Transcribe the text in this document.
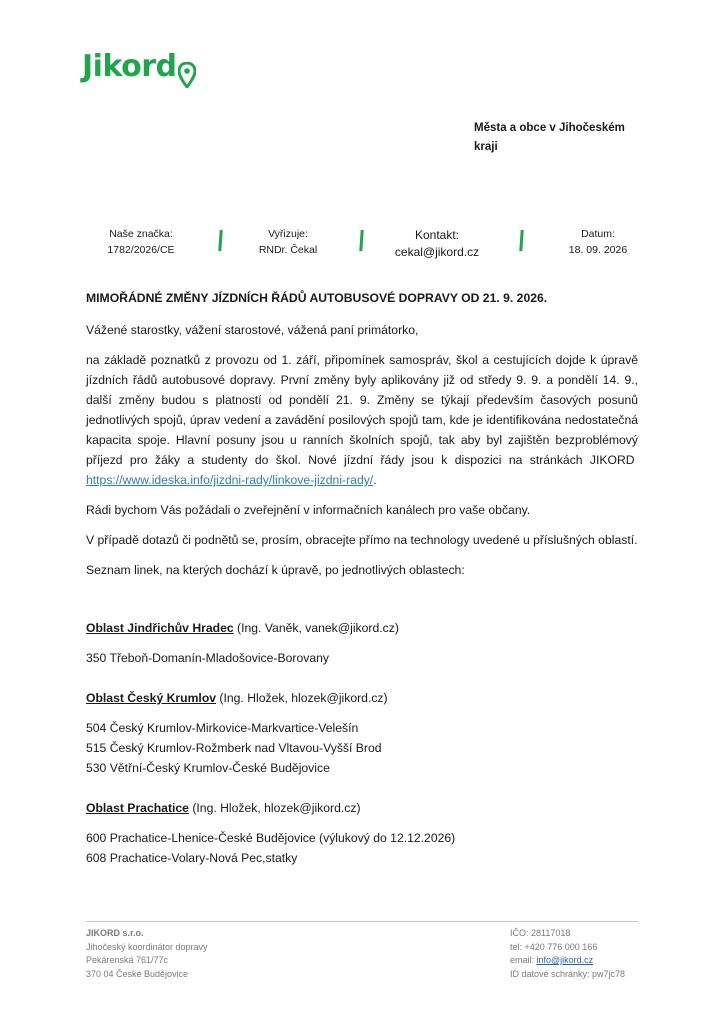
Jikord
Města a obce v Jihočeském
kraji
Naše značka:
1782/2026/CE
Vyřizuje:
RNDr. Čekal
Kontakt:
cekal@jikord.cz
Datum:
18. 09. 2026
MIMOŘÁDNÉ ZMĚNY JÍZDNÍCH ŘÁDŮ AUTOBUSOVÉ DOPRAVY OD 21. 9. 2026.

Vážené starostky, vážení starostové, vážená paní primátorko,

na základě poznatků z provozu od 1. září, připomínek samospráv, škol a cestujících dojde k úpravě jízdních řádů autobusové dopravy. První změny byly aplikovány již od středy 9. 9. a pondělí 14. 9., další změny budou s platností od pondělí 21. 9. Změny se týkají především časových posunů jednotlivých spojů, úprav vedení a zavádění posilových spojů tam, kde je identifikována nedostatečná kapacita spoje. Hlavní posuny jsou u ranních školních spojů, tak aby byl zajištěn bezproblémový příjezd pro žáky a studenty do škol. Nové jízdní řády jsou k dispozici na stránkách JIKORD  https://www.ideska.info/jizdni-rady/linkove-jizdni-rady/.

Rádi bychom Vás požádali o zveřejnění v informačních kanálech pro vaše občany.

V případě dotazů či podnětů se, prosím, obracejte přímo na technology uvedené u příslušných oblastí.

Seznam linek, na kterých dochází k úpravě, po jednotlivých oblastech:

Oblast Jindřichův Hradec (Ing. Vaněk, vanek@jikord.cz)

350 Třeboň-Domanín-Mladošovice-Borovany

Oblast Český Krumlov (Ing. Hložek, hlozek@jikord.cz)

504 Český Krumlov-Mirkovice-Markvartice-Velešín
515 Český Krumlov-Rožmberk nad Vltavou-Vyšší Brod
530 Větřní-Český Krumlov-České Budějovice

Oblast Prachatice (Ing. Hložek, hlozek@jikord.cz)

600 Prachatice-Lhenice-České Budějovice (výlukový do 12.12.2026)
608 Prachatice-Volary-Nová Pec,statky
JIKORD s.r.o.
Jihočeský koordinátor dopravy
Pekárenská 761/77c
370 04 České Budějovice
IČO: 28117018
tel: +420 776 000 166
email: info@jikord.cz
ID datové schránky: pw7jc78
